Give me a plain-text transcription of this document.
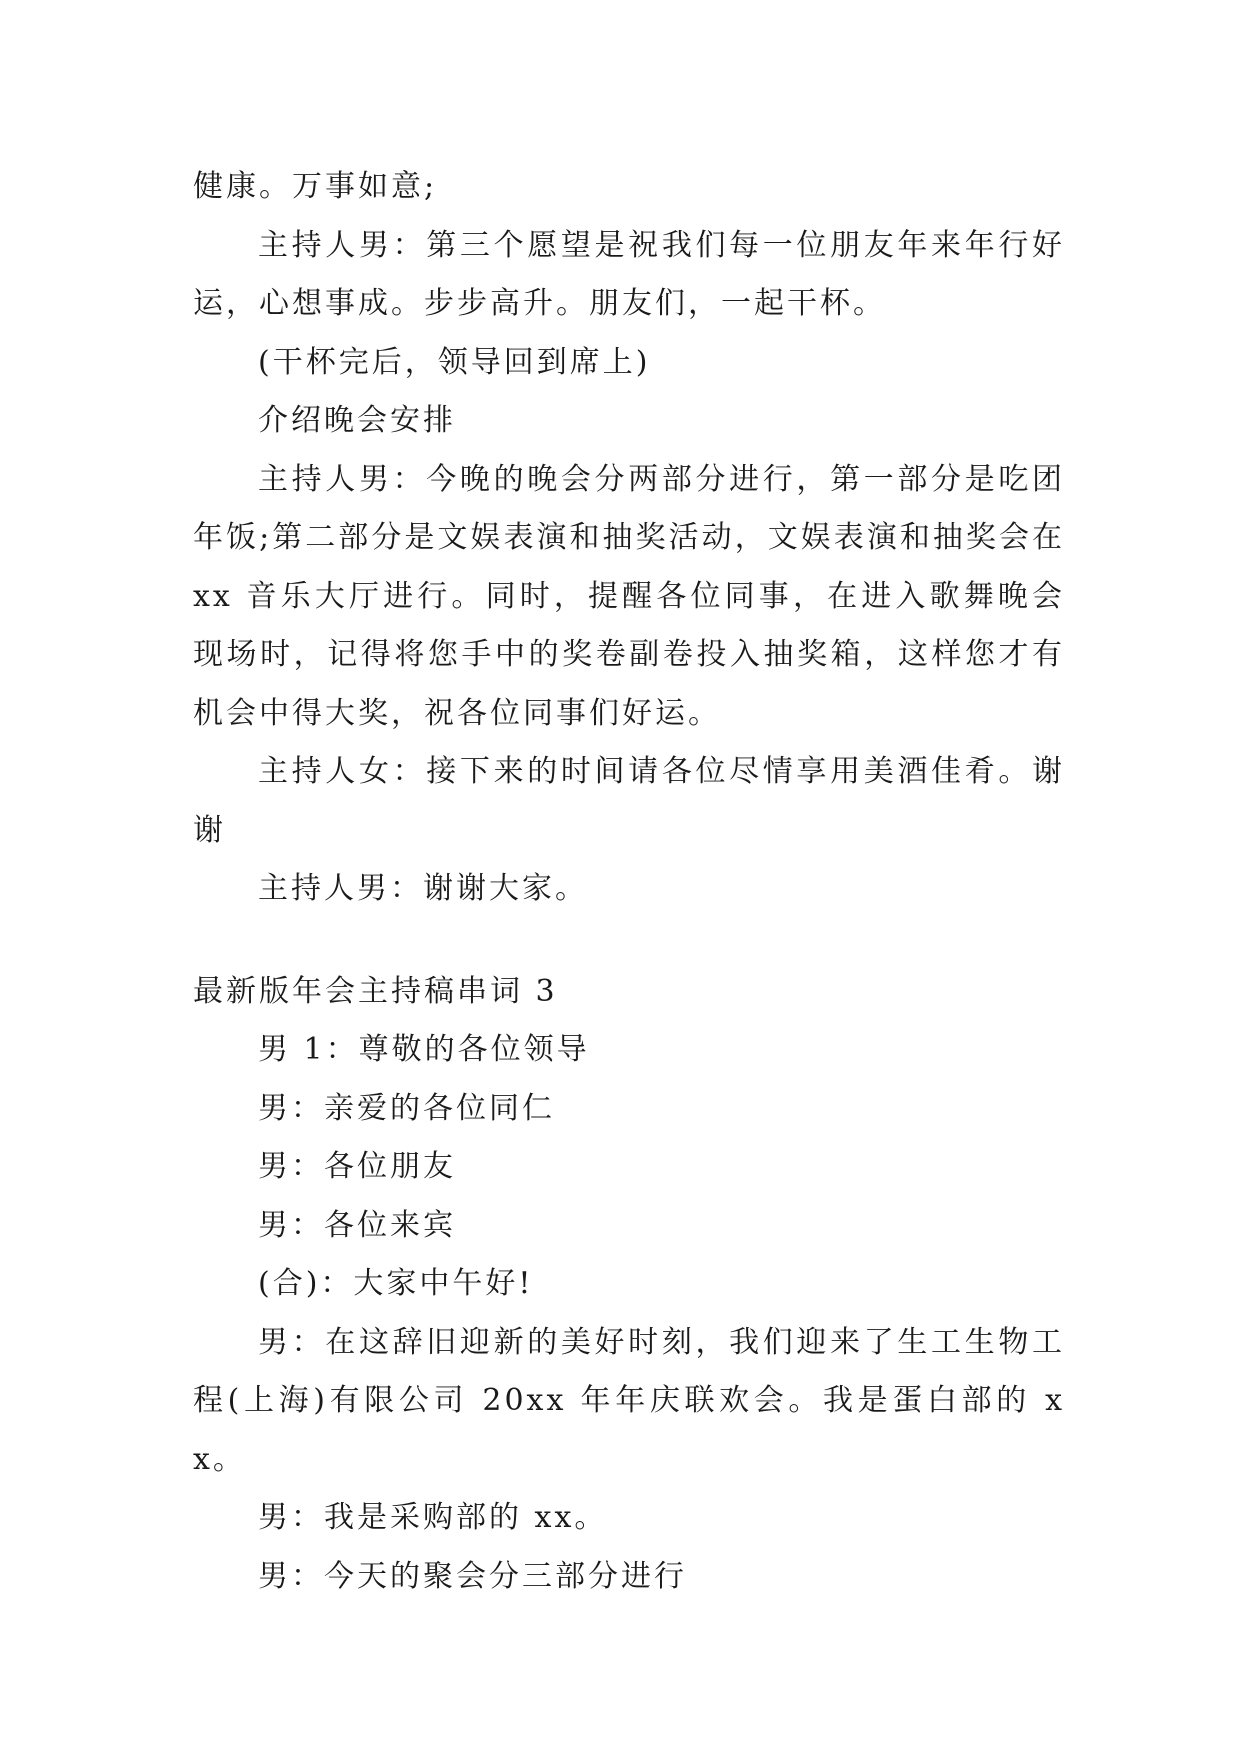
健康。万事如意;

主持人男：第三个愿望是祝我们每一位朋友年来年行好运，心想事成。步步高升。朋友们，一起干杯。

(干杯完后，领导回到席上)

介绍晚会安排

主持人男：今晚的晚会分两部分进行，第一部分是吃团年饭;第二部分是文娱表演和抽奖活动，文娱表演和抽奖会在 xx 音乐大厅进行。同时，提醒各位同事，在进入歌舞晚会现场时，记得将您手中的奖卷副卷投入抽奖箱，这样您才有机会中得大奖，祝各位同事们好运。

主持人女：接下来的时间请各位尽情享用美酒佳肴。谢谢

主持人男：谢谢大家。

最新版年会主持稿串词 3

男 1：尊敬的各位领导

男：亲爱的各位同仁

男：各位朋友

男：各位来宾

(合)：大家中午好!

男：在这辞旧迎新的美好时刻，我们迎来了生工生物工程(上海)有限公司 20xx 年年庆联欢会。我是蛋白部的 xx。

男：我是采购部的 xx。

男：今天的聚会分三部分进行
